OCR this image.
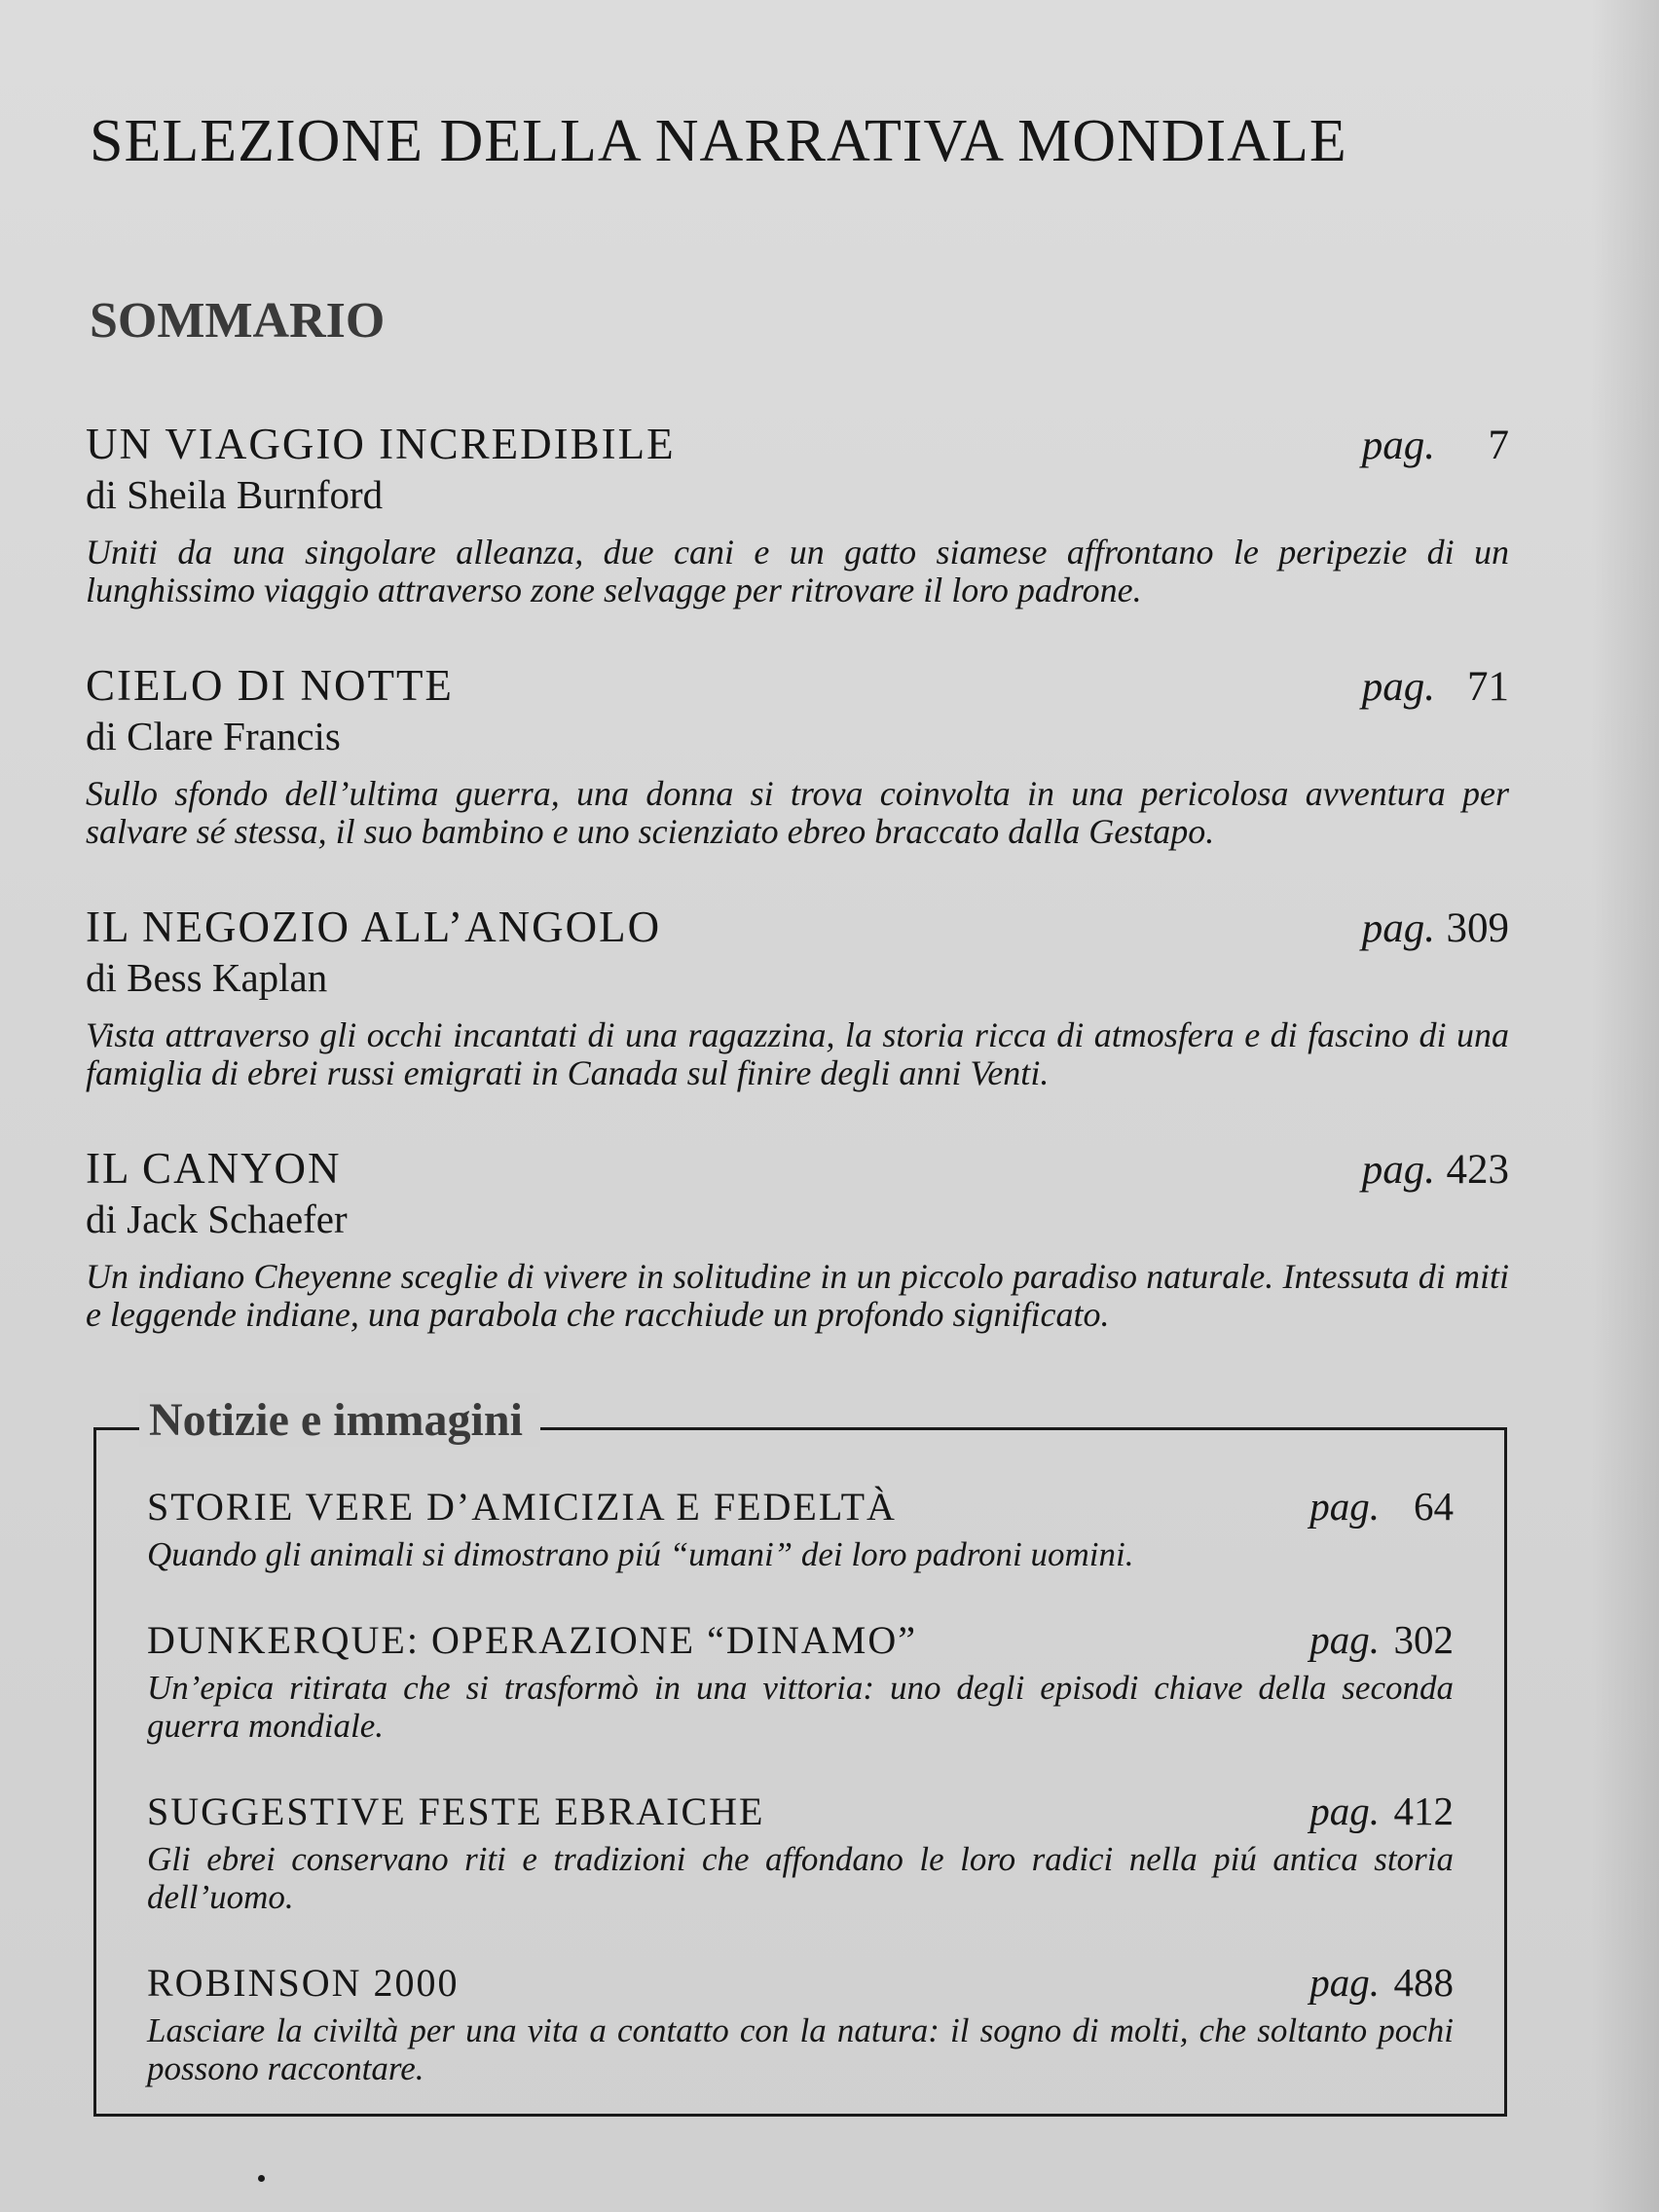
SELEZIONE DELLA NARRATIVA MONDIALE
SOMMARIO
UN VIAGGIO INCREDIBILE	pag. 7
di Sheila Burnford
Uniti da una singolare alleanza, due cani e un gatto siamese affrontano le peripezie di un lunghissimo viaggio attraverso zone selvagge per ritrovare il loro padrone.
CIELO DI NOTTE	pag. 71
di Clare Francis
Sullo sfondo dell’ultima guerra, una donna si trova coinvolta in una pericolosa avventura per salvare sé stessa, il suo bambino e uno scienziato ebreo braccato dalla Gestapo.
IL NEGOZIO ALL’ANGOLO	pag. 309
di Bess Kaplan
Vista attraverso gli occhi incantati di una ragazzina, la storia ricca di atmosfera e di fascino di una famiglia di ebrei russi emigrati in Canada sul finire degli anni Venti.
IL CANYON	pag. 423
di Jack Schaefer
Un indiano Cheyenne sceglie di vivere in solitudine in un piccolo paradiso naturale. Intessuta di miti e leggende indiane, una parabola che racchiude un profondo significato.
Notizie e immagini
STORIE VERE D’AMICIZIA E FEDELTÀ	pag. 64
Quando gli animali si dimostrano piú “umani” dei loro padroni uomini.
DUNKERQUE: OPERAZIONE “DINAMO”	pag. 302
Un’epica ritirata che si trasformò in una vittoria: uno degli episodi chiave della seconda guerra mondiale.
SUGGESTIVE FESTE EBRAICHE	pag. 412
Gli ebrei conservano riti e tradizioni che affondano le loro radici nella piú antica storia dell’uomo.
ROBINSON 2000	pag. 488
Lasciare la civiltà per una vita a contatto con la natura: il sogno di molti, che soltanto pochi possono raccontare.
